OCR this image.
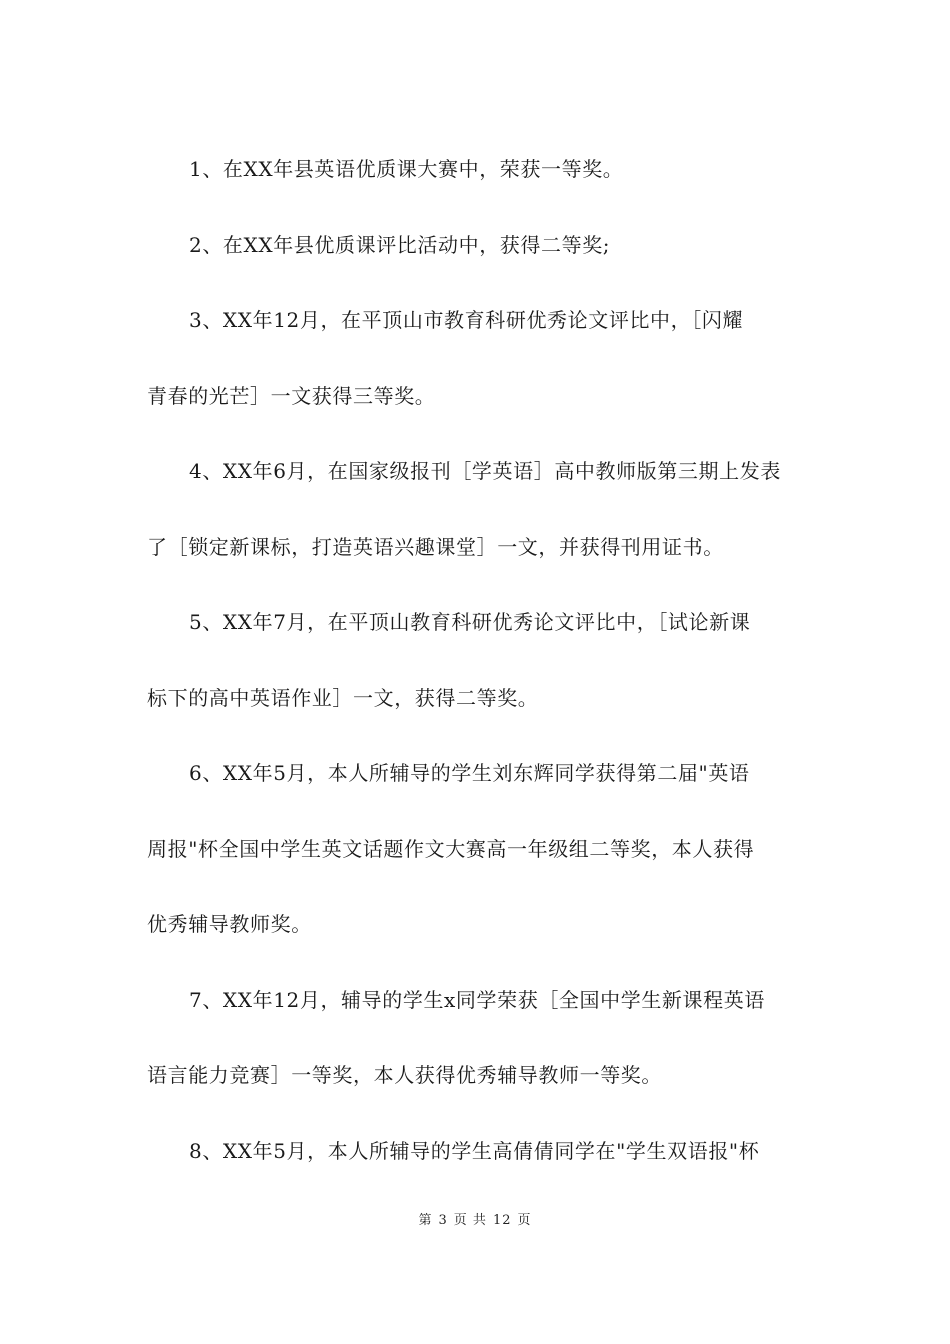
1、在XX年县英语优质课大赛中，荣获一等奖。

2、在XX年县优质课评比活动中，获得二等奖;

3、XX年12月，在平顶山市教育科研优秀论文评比中，［闪耀
青春的光芒］一文获得三等奖。

4、XX年6月，在国家级报刊［学英语］高中教师版第三期上发表
了［锁定新课标，打造英语兴趣课堂］一文，并获得刊用证书。

5、XX年7月，在平顶山教育科研优秀论文评比中，［试论新课
标下的高中英语作业］一文，获得二等奖。

6、XX年5月，本人所辅导的学生刘东辉同学获得第二届"英语
周报"杯全国中学生英文话题作文大赛高一年级组二等奖，本人获得
优秀辅导教师奖。

7、XX年12月，辅导的学生x同学荣获［全国中学生新课程英语
语言能力竞赛］一等奖，本人获得优秀辅导教师一等奖。

8、XX年5月，本人所辅导的学生高倩倩同学在"学生双语报"杯

第 3 页 共 12 页
